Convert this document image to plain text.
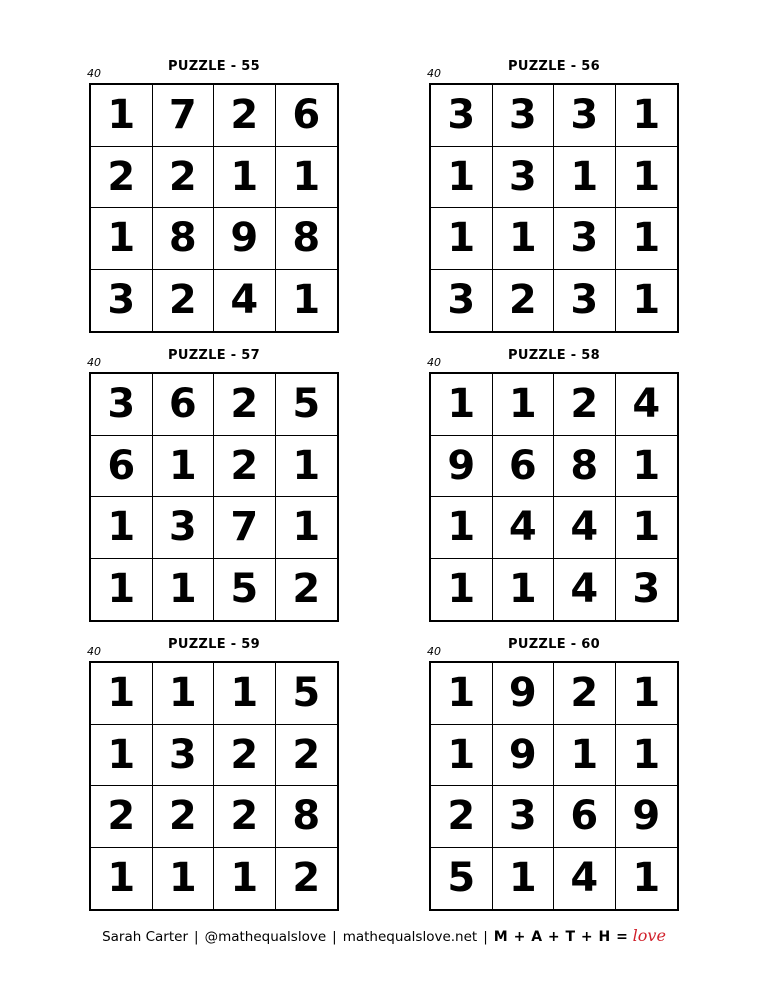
PUZZLE - 55
40
1 7 2 6
2 2 1 1
1 8 9 8
3 2 4 1
PUZZLE - 56
40
3 3 3 1
1 3 1 1
1 1 3 1
3 2 3 1
PUZZLE - 57
40
3 6 2 5
6 1 2 1
1 3 7 1
1 1 5 2
PUZZLE - 58
40
1 1 2 4
9 6 8 1
1 4 4 1
1 1 4 3
PUZZLE - 59
40
1 1 1 5
1 3 2 2
2 2 2 8
1 1 1 2
PUZZLE - 60
40
1 9 2 1
1 9 1 1
2 3 6 9
5 1 4 1
Sarah Carter | @mathequalslove | mathequalslove.net | M + A + T + H = love
